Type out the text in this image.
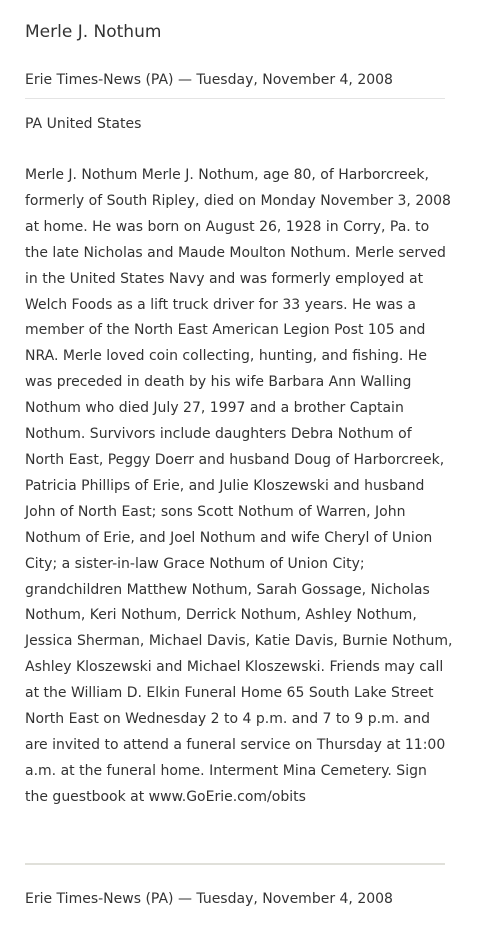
Merle J. Nothum
Erie Times-News (PA) — Tuesday, November 4, 2008
PA United States

Merle J. Nothum Merle J. Nothum, age 80, of Harborcreek, formerly of South Ripley, died on Monday November 3, 2008 at home. He was born on August 26, 1928 in Corry, Pa. to the late Nicholas and Maude Moulton Nothum. Merle served in the United States Navy and was formerly employed at Welch Foods as a lift truck driver for 33 years. He was a member of the North East American Legion Post 105 and NRA. Merle loved coin collecting, hunting, and fishing. He was preceded in death by his wife Barbara Ann Walling Nothum who died July 27, 1997 and a brother Captain Nothum. Survivors include daughters Debra Nothum of North East, Peggy Doerr and husband Doug of Harborcreek, Patricia Phillips of Erie, and Julie Kloszewski and husband John of North East; sons Scott Nothum of Warren, John Nothum of Erie, and Joel Nothum and wife Cheryl of Union City; a sister-in-law Grace Nothum of Union City; grandchildren Matthew Nothum, Sarah Gossage, Nicholas Nothum, Keri Nothum, Derrick Nothum, Ashley Nothum, Jessica Sherman, Michael Davis, Katie Davis, Burnie Nothum, Ashley Kloszewski and Michael Kloszewski. Friends may call at the William D. Elkin Funeral Home 65 South Lake Street North East on Wednesday 2 to 4 p.m. and 7 to 9 p.m. and are invited to attend a funeral service on Thursday at 11:00 a.m. at the funeral home. Interment Mina Cemetery. Sign the guestbook at www.GoErie.com/obits

Erie Times-News (PA) — Tuesday, November 4, 2008
